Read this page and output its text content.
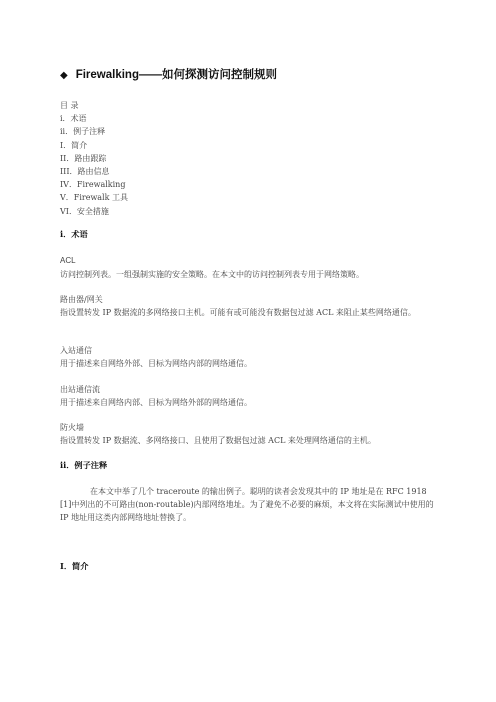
◆ Firewalking——如何探测访问控制规则
目 录
i．术语
ii．例子注释
I．简介
II．路由跟踪
III．路由信息
IV．Firewalking
V．Firewalk 工具
VI．安全措施
i．术语
ACL
访问控制列表。一组强制实施的安全策略。在本文中的访问控制列表专用于网络策略。
路由器/网关
指设置转发 IP 数据流的多网络接口主机。可能有或可能没有数据包过滤 ACL 来阻止某些网络通信。
入站通信
用于描述来自网络外部、目标为网络内部的网络通信。
出站通信流
用于描述来自网络内部、目标为网络外部的网络通信。
防火墙
指设置转发 IP 数据流、多网络接口、且使用了数据包过滤 ACL 来处理网络通信的主机。
ii．例子注释
在本文中举了几个 traceroute 的输出例子。聪明的读者会发现其中的 IP 地址是在 RFC 1918 [1]中列出的不可路由(non-routable)内部网络地址。为了避免不必要的麻烦，本文将在实际测试中使用的 IP 地址用这类内部网络地址替换了。
I．简介
